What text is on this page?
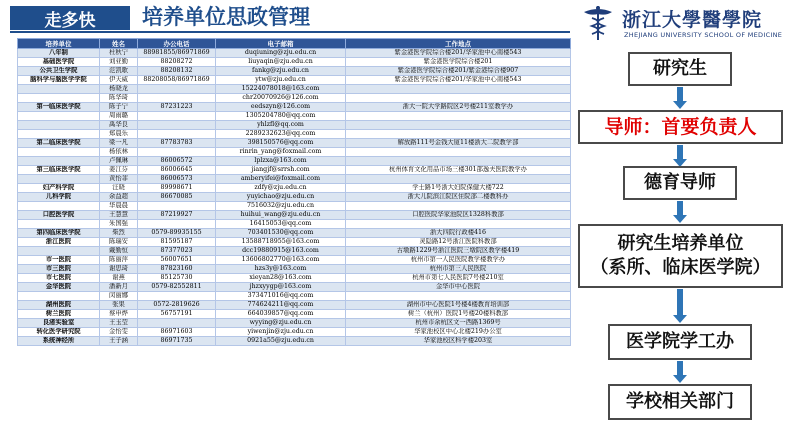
走多快	培养单位思政管理	浙江大學醫學院
ZHEJIANG UNIVERSITY SCHOOL OF MEDICINE
培养单位	姓名	办公电话	电子邮箱	工作地点
八年制	杜秋宁	88981855/86971869	duqiuning@zju.edu.cn	紫金港医学院综合楼201/华家池中心南楼543
基础医学院	刘亚勤	88208272	liuyaqin@zju.edu.cn	紫金港医学院综合楼201
公共卫生学院	范凯歌	88208132	fankg@zju.edu.cn	紫金港医学院综合楼201/紫金港综合楼907
脑科学与脑医学学院	伊天威	88208058/86971869	ytw@zju.edu.cn	紫金港医学院综合楼201/华家池中心南楼543
	杨晓龙		15224078018@163.com	
	陈华琦		chr20070926@126.com	
第一临床医学院	陈子宁	87231223	eedszyn@126.com	浙大一院大学路院区2号楼211室教学办
	周雨璐		1305204780@qq.com	
	禹华良		yhlzfl@qq.com	
	郑晨乐		2289232623@qq.com	
第二临床医学院	梁一凡	87783783	398150576@qq.com	解放路111号金钱大厦11楼浙大二院教学部
	杨依林		rinrin_yang@foxmail.com	
	卢佩琳	86006572	lplzxa@163.com	
第三临床医学院	姜江芬	86006645	jiangjf@srrsh.com	杭州体育文化用品市场三楼301邵逸夫医院教学办
	黄怡菲	86006573	amberyifei@foxmail.com	
妇产科学院	汪晓	89998671	zdfy@zju.edu.cn	学士路1号浙大妇院保健大楼722
儿科学院	余益超	86670085	yuyichao@zju.edu.cn	浙大儿院滨江院区住院部二楼教科办
	华晨晨		7516032@zju.edu.cn	
口腔医学院	王慧慧	87219927	huihui_wang@zju.edu.cn	口腔医院华家池院区1328科教部
	朱国强		16415053@qq.com	
第四临床医学院	柴烈	0579-89935155	703401530@qq.com	浙大四院行政楼416
浙江医院	陈瑞安	81595187	13588718955@163.com	灵隐路12号浙江医院科教部
	戴勤恒	87377023	dcc19880915@163.com	古墩路1229号浙江医院三墩院区教学楼419
市一医院	陈丽萍	56007651	13606802770@163.com	杭州市第一人民医院教学楼教学办
市三医院	谢思琦	87823160	hzs3y@163.com	杭州市第三人民医院
市七医院	谢燕	85125730	xieyan28@163.com	杭州市第七人民医院7号楼210室
金华医院	潘新月	0579-82552811	jhzxyygp@163.com	金华市中心医院
	闵丽娜		373471016@qq.com	
湖州医院	张果	0572-2819626	774624211@qq.com	湖州市中心医院1号楼4楼教育培训部
树兰医院	蔡申烨	56757191	664039857@qq.com	树兰（杭州）医院1号楼20楼科教部
良渚实验室	王玉莹		wyying@zju.edu.cn	杭州市余杭区文一西路1369号
转化医学研究院	金怡雯	86971603	yiwenjin@zju.edu.cn	华家池校区中心北楼219办公室
系统神经所	王子涵	86971735	0921a55@zju.edu.cn	华家池校区科学楼203室
研究生
导师：首要负责人
德育导师
研究生培养单位
（系所、临床医学院）
医学院学工办
学校相关部门
